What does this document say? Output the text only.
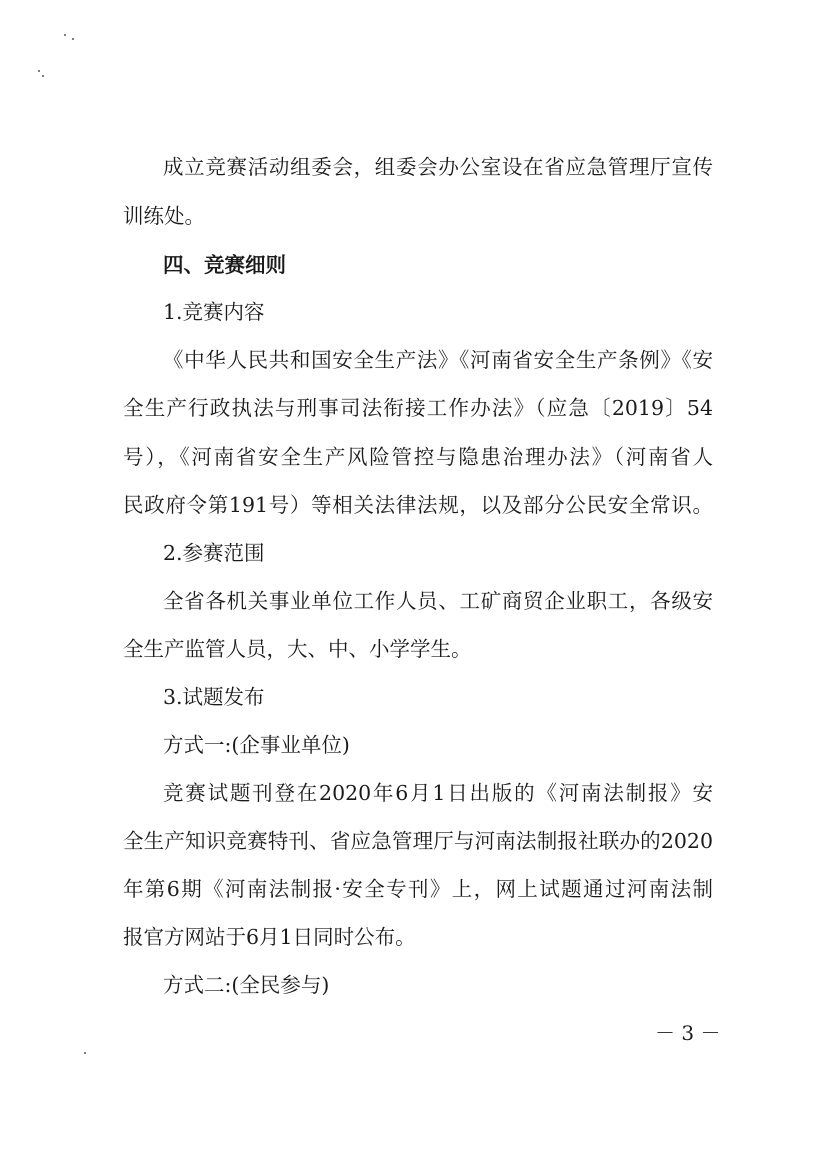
成立竞赛活动组委会，组委会办公室设在省应急管理厅宣传
训练处。
四、竞赛细则
1.竞赛内容
《中华人民共和国安全生产法》《河南省安全生产条例》《安
全生产行政执法与刑事司法衔接工作办法》（应急〔2019〕54
号），《河南省安全生产风险管控与隐患治理办法》（河南省人
民政府令第191号）等相关法律法规，以及部分公民安全常识。
2.参赛范围
全省各机关事业单位工作人员、工矿商贸企业职工，各级安
全生产监管人员，大、中、小学学生。
3.试题发布
方式一:(企事业单位)
竞赛试题刊登在2020年6月1日出版的《河南法制报》安
全生产知识竞赛特刊、省应急管理厅与河南法制报社联办的2020
年第6期《河南法制报·安全专刊》上，网上试题通过河南法制
报官方网站于6月1日同时公布。
方式二:(全民参与)
－ 3 －
